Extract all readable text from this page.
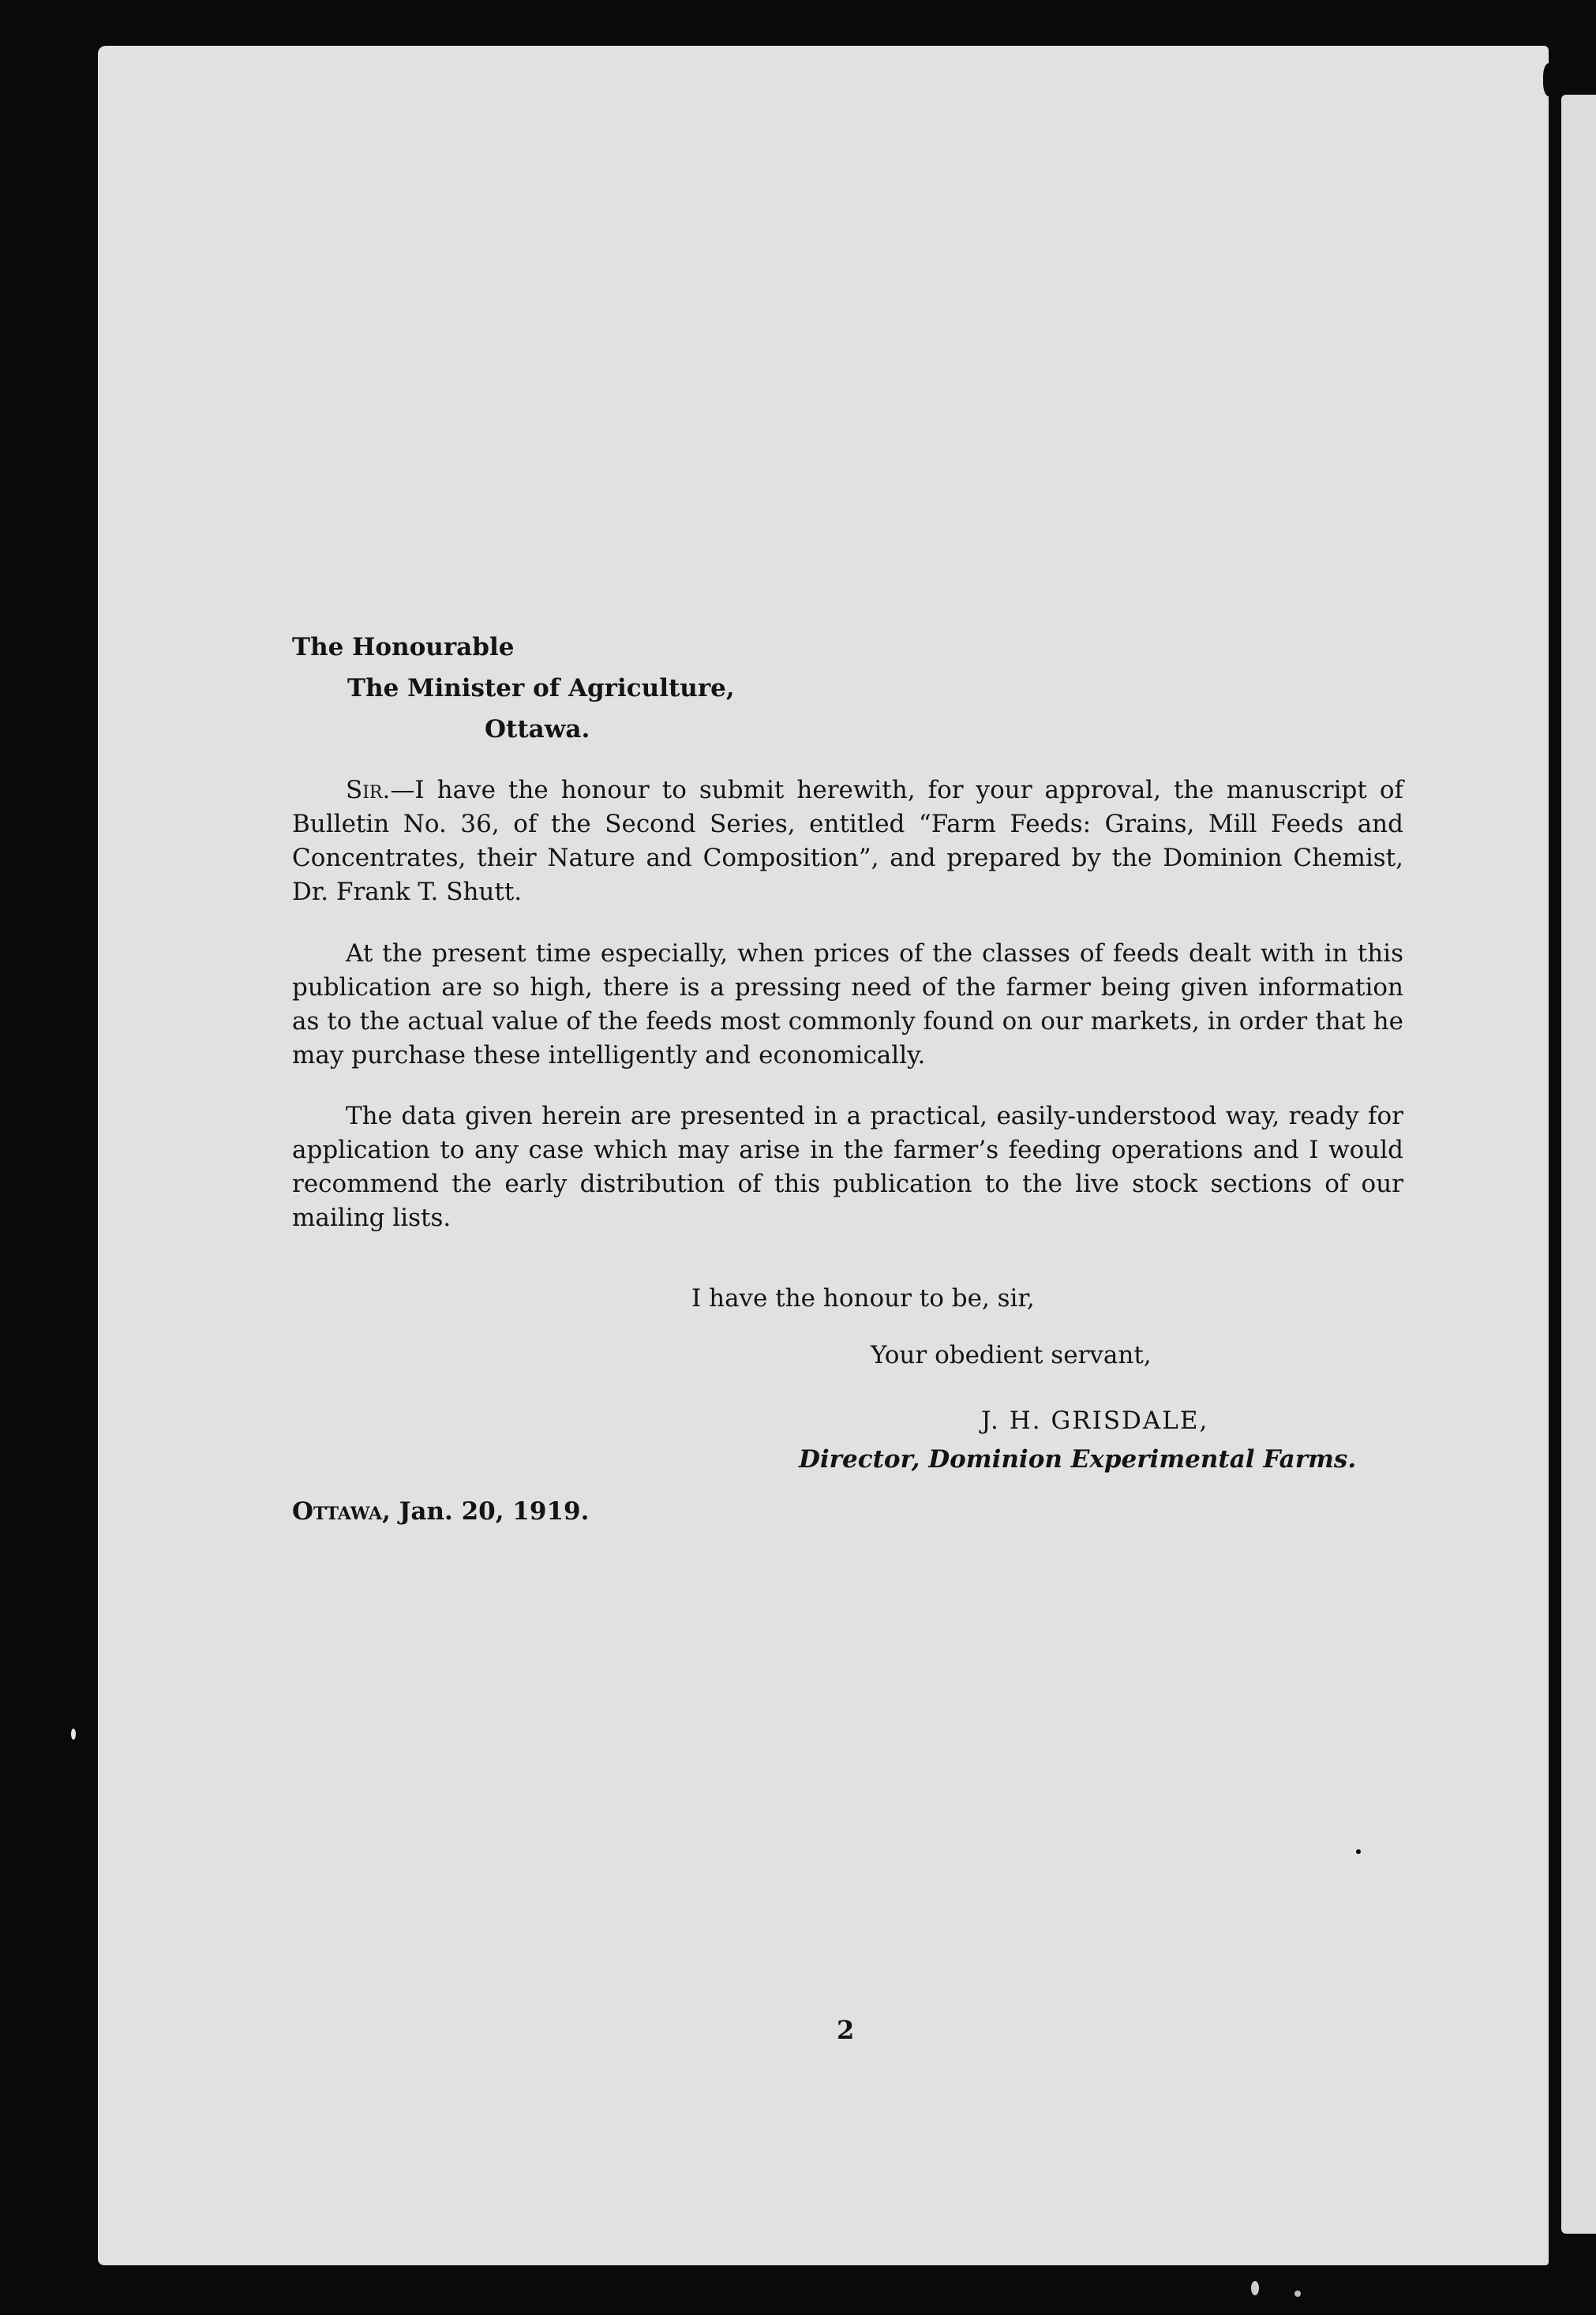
The Honourable
The Minister of Agriculture,
Ottawa.

Sir.—I have the honour to submit herewith, for your approval, the manuscript of Bulletin No. 36, of the Second Series, entitled “Farm Feeds: Grains, Mill Feeds and Concentrates, their Nature and Composition”, and prepared by the Dominion Chemist, Dr. Frank T. Shutt.

At the present time especially, when prices of the classes of feeds dealt with in this publication are so high, there is a pressing need of the farmer being given information as to the actual value of the feeds most commonly found on our markets, in order that he may purchase these intelligently and economically.

The data given herein are presented in a practical, easily-understood way, ready for application to any case which may arise in the farmer’s feeding operations and I would recommend the early distribution of this publication to the live stock sections of our mailing lists.

I have the honour to be, sir,
Your obedient servant,
J. H. GRISDALE,
Director, Dominion Experimental Farms.
Ottawa, Jan. 20, 1919.
2
